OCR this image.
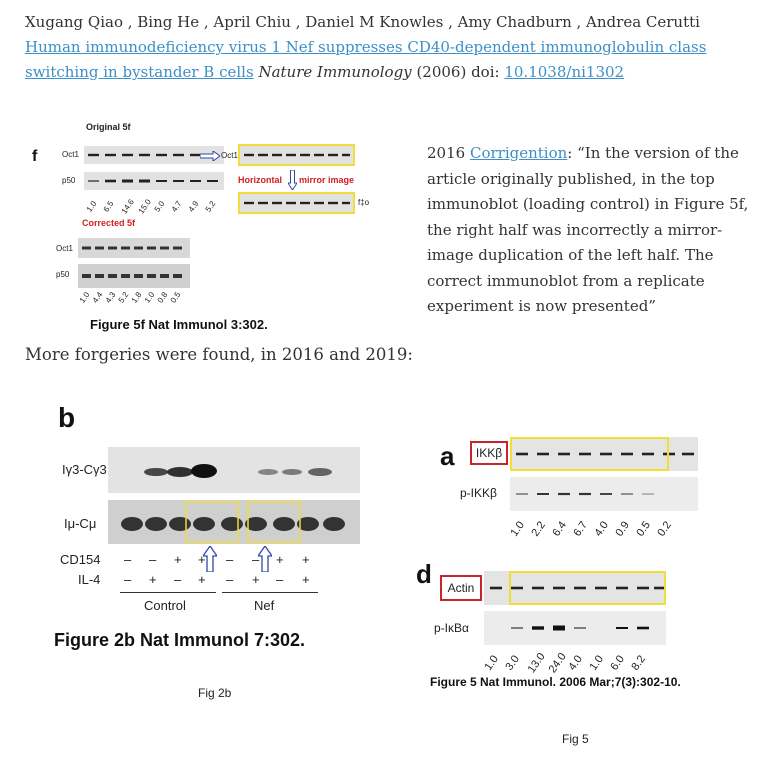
Xugang Qiao , Bing He , April Chiu , Daniel M Knowles , Amy Chadburn , Andrea Cerutti Human immunodeficiency virus 1 Nef suppresses CD40-dependent immunoglobulin class switching in bystander B cells Nature Immunology (2006) doi: 10.1038/ni1302
f
Original 5f
Oct1
p50
1.0 6.5 14.6 15.0 5.0 4.7 4.9 5.2
Corrected 5f
Oct1
p50
1.0 4.4 4.3 5.2 1.8 1.0 0.8 0.5
Oct1
Horizontal mirror image
f‡o
Figure 5f Nat Immunol 3:302.
2016 Corrigention: “In the version of the article originally published, in the top immunoblot (loading control) in Figure 5f, the right half was incorrectly a mirror-image duplication of the left half. The correct immunoblot from a replicate experiment is now presented”
More forgeries were found, in 2016 and 2019:
b
Iγ3-Cγ3
Iμ-Cμ
CD154
IL-4
– – + + – – + +
– + – + – + – +
Control	Nef
Figure 2b Nat Immunol 7:302.
Fig 2b
a	IKKβ
p-IKKβ
1.0 2.2 6.4 6.7 4.0 0.9 0.5 0.2
d	Actin
p-IκBα
1.0 3.0 13.0
24.0
4.0 1.0 6.0 8.2
Figure 5 Nat Immunol. 2006 Mar;7(3):302-10.
Fig 5
